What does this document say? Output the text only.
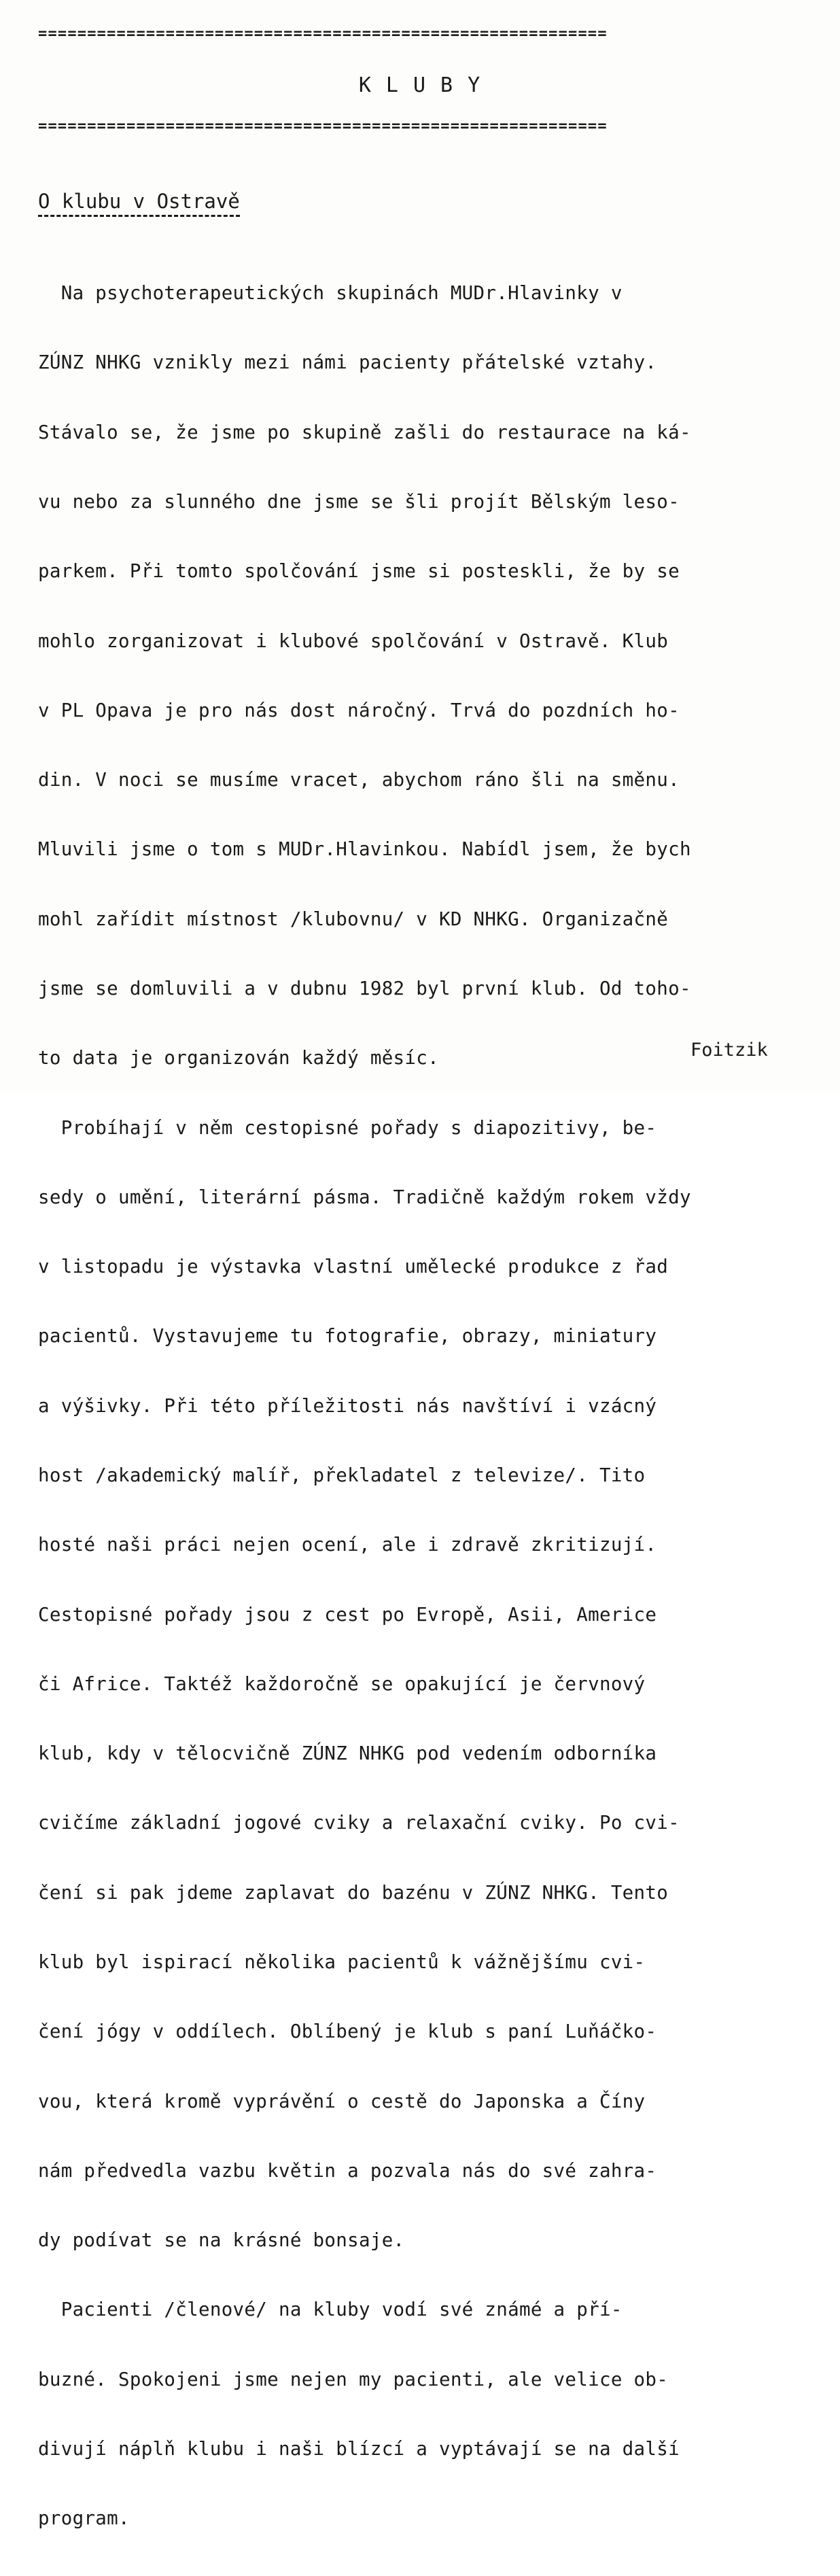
==========================================================
KLUBY
==========================================================
O klubu v Ostravě

Na psychoterapeutických skupinách MUDr.Hlavinky v

ZÚNZ NHKG vznikly mezi námi pacienty přátelské vztahy.

Stávalo se, že jsme po skupině zašli do restaurace na ká-

vu nebo za slunného dne jsme se šli projít Bělským leso-

parkem. Při tomto spolčování jsme si posteskli, že by se

mohlo zorganizovat i klubové spolčování v Ostravě. Klub

v PL Opava je pro nás dost náročný. Trvá do pozdních ho-

din. V noci se musíme vracet, abychom ráno šli na směnu.

Mluvili jsme o tom s MUDr.Hlavinkou. Nabídl jsem, že bych

mohl zařídit místnost /klubovnu/ v KD NHKG. Organizačně

jsme se domluvili a v dubnu 1982 byl první klub. Od toho-

to data je organizován každý měsíc.

Probíhají v něm cestopisné pořady s diapozitivy, be-

sedy o umění, literární pásma. Tradičně každým rokem vždy

v listopadu je výstavka vlastní umělecké produkce z řad

pacientů. Vystavujeme tu fotografie, obrazy, miniatury

a výšivky. Při této příležitosti nás navštíví i vzácný

host /akademický malíř, překladatel z televize/. Tito

hosté naši práci nejen ocení, ale i zdravě zkritizují.

Cestopisné pořady jsou z cest po Evropě, Asii, Americe

či Africe. Taktéž každoročně se opakující je červnový

klub, kdy v tělocvičně ZÚNZ NHKG pod vedením odborníka

cvičíme základní jogové cviky a relaxační cviky. Po cvi-

čení si pak jdeme zaplavat do bazénu v ZÚNZ NHKG. Tento

klub byl ispirací několika pacientů k vážnějšímu cvi-

čení jógy v oddílech. Oblíbený je klub s paní Luňáčko-

vou, která kromě vyprávění o cestě do Japonska a Číny

nám předvedla vazbu květin a pozvala nás do své zahra-

dy podívat se na krásné bonsaje.

Pacienti /členové/ na kluby vodí své známé a pří-

buzné. Spokojeni jsme nejen my pacienti, ale velice ob-

divují náplň klubu i naši blízcí a vyptávají se na další

program.

Foitzik
